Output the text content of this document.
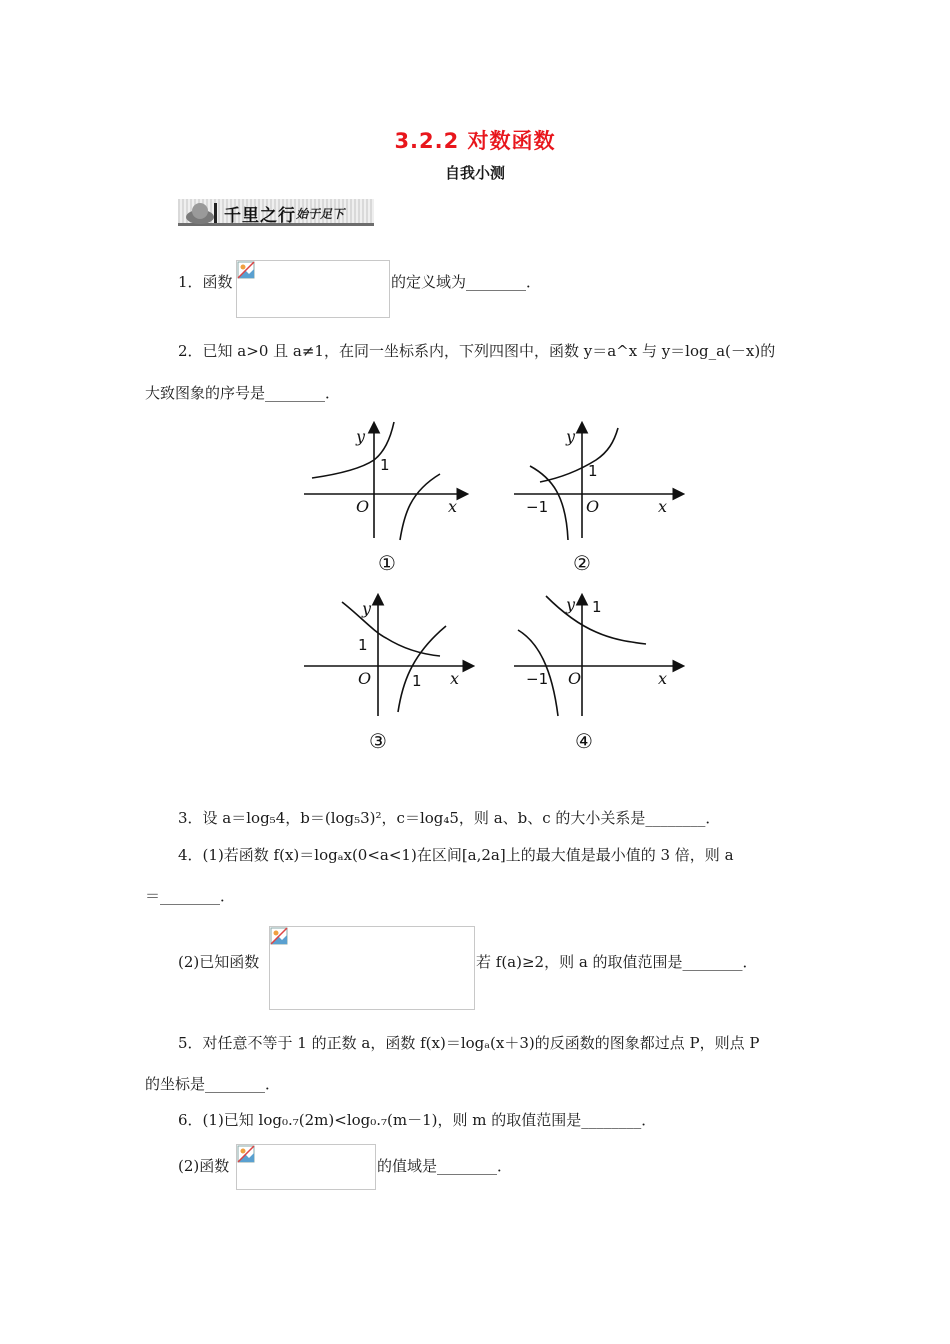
3.2.2 对数函数
自我小测
千里之行 始于足下
1．函数	的定义域为________．
2．已知 a>0 且 a≠1，在同一坐标系内，下列四图中，函数 y＝a^x 与 y＝log_a(－x)的
大致图象的序号是________．
y
x
O
y
x
O
y
x
O
y
x
O
1	1
−1
1
1
1
−1
①	②
③	④
3．设 a＝log₅4，b＝(log₅3)²，c＝log₄5，则 a、b、c 的大小关系是________．
4．(1)若函数 f(x)＝logₐx(0<a<1)在区间[a,2a]上的最大值是最小值的 3 倍，则 a
＝________．
(2)已知函数	若 f(a)≥2，则 a 的取值范围是________．
5．对任意不等于 1 的正数 a，函数 f(x)＝logₐ(x＋3)的反函数的图象都过点 P，则点 P
的坐标是________．
6．(1)已知 log₀.₇(2m)<log₀.₇(m－1)，则 m 的取值范围是________．
(2)函数	的值域是________．
